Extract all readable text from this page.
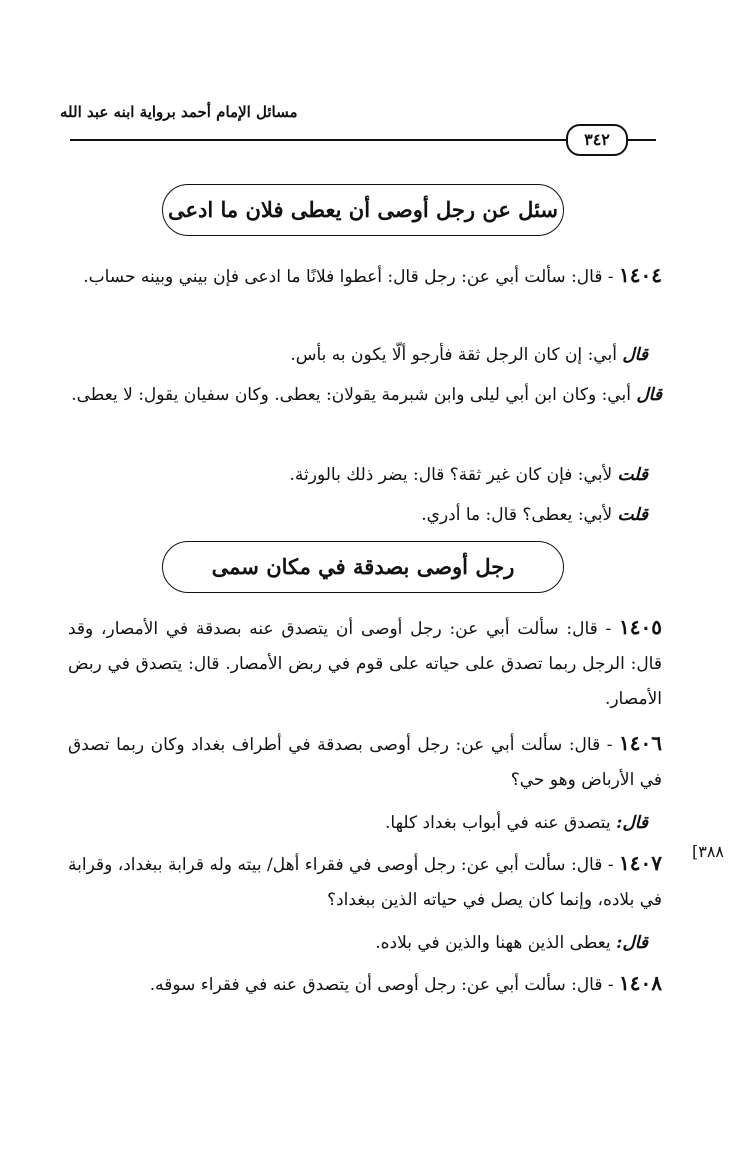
مسائل الإمام أحمد برواية ابنه عبد الله
٣٤٢
سئل عن رجل أوصى أن يعطى فلان ما ادعى
١٤٠٤ - قال: سألت أبي عن: رجل قال: أعطوا فلانًا ما ادعى فإن بيني وبينه حساب.
قال أبي: إن كان الرجل ثقة فأرجو ألّا يكون به بأس.
قال أبي: وكان ابن أبي ليلى وابن شبرمة يقولان: يعطى. وكان سفيان يقول: لا يعطى.
قلت لأبي: فإن كان غير ثقة؟ قال: يضر ذلك بالورثة.
قلت لأبي: يعطى؟ قال: ما أدري.
رجل أوصى بصدقة في مكان سمى
١٤٠٥ - قال: سألت أبي عن: رجل أوصى أن يتصدق عنه بصدقة في الأمصار، وقد قال: الرجل ربما تصدق على حياته على قوم في ربض الأمصار. قال: يتصدق في ربض الأمصار.
١٤٠٦ - قال: سألت أبي عن: رجل أوصى بصدقة في أطراف بغداد وكان ربما تصدق في الأرباض وهو حي؟
قال: يتصدق عنه في أبواب بغداد كلها.
١٤٠٧ - قال: سألت أبي عن: رجل أوصى في فقراء أهل/ بيته وله قرابة ببغداد، وقرابة في بلاده، وإنما كان يصل في حياته الذين ببغداد؟
قال: يعطى الذين ههنا والذين في بلاده.
١٤٠٨ - قال: سألت أبي عن: رجل أوصى أن يتصدق عنه في فقراء سوقه.
[٣٨٨
